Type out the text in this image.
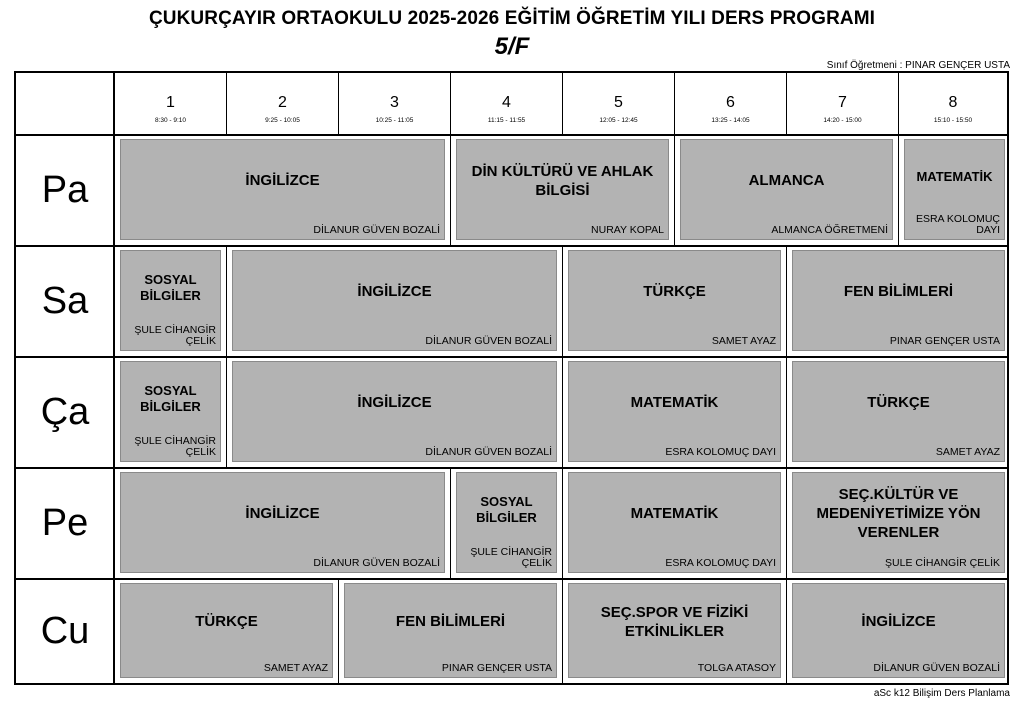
ÇUKURÇAYIR ORTAOKULU 2025-2026 EĞİTİM ÖĞRETİM YILI DERS PROGRAMI
5/F
Sınıf Öğretmeni : PINAR GENÇER USTA
1
8:30 - 9:10
2
9:25 - 10:05
3
10:25 - 11:05
4
11:15 - 11:55
5
12:05 - 12:45
6
13:25 - 14:05
7
14:20 - 15:00
8
15:10 - 15:50
Pa
Sa
Ça
Pe
Cu
İNGİLİZCE
DİLANUR GÜVEN BOZALİ
DİN KÜLTÜRÜ VE AHLAK BİLGİSİ
NURAY KOPAL
ALMANCA
ALMANCA ÖĞRETMENİ
MATEMATİK
ESRA KOLOMUÇ DAYI
SOSYAL BİLGİLER
ŞULE CİHANGİR ÇELİK
İNGİLİZCE
DİLANUR GÜVEN BOZALİ
TÜRKÇE
SAMET AYAZ
FEN BİLİMLERİ
PINAR GENÇER USTA
SOSYAL BİLGİLER
ŞULE CİHANGİR ÇELİK
İNGİLİZCE
DİLANUR GÜVEN BOZALİ
MATEMATİK
ESRA KOLOMUÇ DAYI
TÜRKÇE
SAMET AYAZ
İNGİLİZCE
DİLANUR GÜVEN BOZALİ
SOSYAL BİLGİLER
ŞULE CİHANGİR ÇELİK
MATEMATİK
ESRA KOLOMUÇ DAYI
SEÇ.KÜLTÜR VE MEDENİYETİMİZE YÖN VERENLER
ŞULE CİHANGİR ÇELİK
TÜRKÇE
SAMET AYAZ
FEN BİLİMLERİ
PINAR GENÇER USTA
SEÇ.SPOR VE FİZİKİ ETKİNLİKLER
TOLGA ATASOY
İNGİLİZCE
DİLANUR GÜVEN BOZALİ
aSc k12 Bilişim Ders Planlama
